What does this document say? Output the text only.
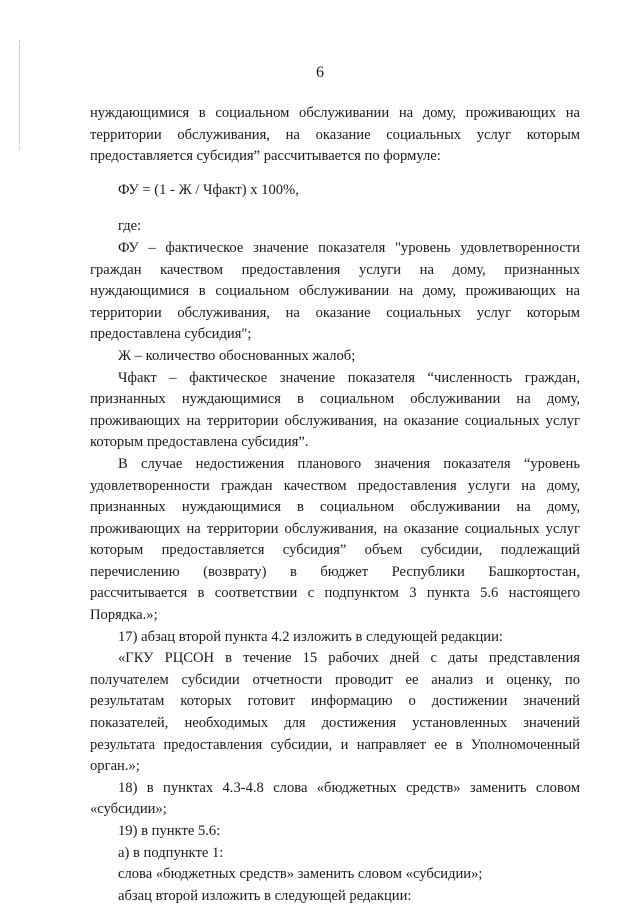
6

нуждающимися в социальном обслуживании на дому, проживающих на территории обслуживания, на оказание социальных услуг которым предоставляется субсидия” рассчитывается по формуле:

ФУ = (1 - Ж / Чфакт) х 100%,

где:

ФУ – фактическое значение показателя "уровень удовлетворенности граждан качеством предоставления услуги на дому, признанных нуждающимися в социальном обслуживании на дому, проживающих на территории обслуживания, на оказание социальных услуг которым предоставлена субсидия";

Ж – количество обоснованных жалоб;

Чфакт – фактическое значение показателя “численность граждан, признанных нуждающимися в социальном обслуживании на дому, проживающих на территории обслуживания, на оказание социальных услуг которым предоставлена субсидия”.

В случае недостижения планового значения показателя “уровень удовлетворенности граждан качеством предоставления услуги на дому, признанных нуждающимися в социальном обслуживании на дому, проживающих на территории обслуживания, на оказание социальных услуг которым предоставляется субсидия” объем субсидии, подлежащий перечислению (возврату) в бюджет Республики Башкортостан, рассчитывается в соответствии с подпунктом 3 пункта 5.6 настоящего Порядка.»;

17) абзац второй пункта 4.2 изложить в следующей редакции:

«ГКУ РЦСОН в течение 15 рабочих дней с даты представления получателем субсидии отчетности проводит ее анализ и оценку, по результатам которых готовит информацию о достижении значений показателей, необходимых для достижения установленных значений результата предоставления субсидии, и направляет ее в Уполномоченный орган.»;

18) в пунктах 4.3-4.8 слова «бюджетных средств» заменить словом «субсидии»;

19) в пункте 5.6:

а) в подпункте 1:

слова «бюджетных средств» заменить словом «субсидии»;

абзац второй изложить в следующей редакции:
